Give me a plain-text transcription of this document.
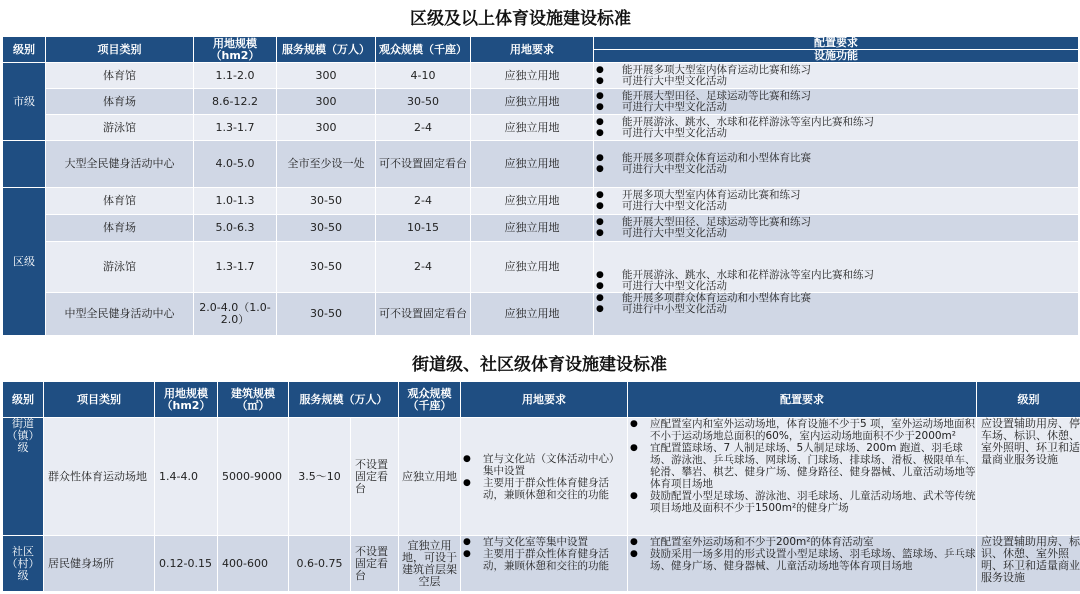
区级及以上体育设施建设标准
级别	项目类别	用地规模（hm2）	服务规模（万人）	观众规模（千座）	用地要求	配置要求
设施功能

市级	体育馆	1.1-2.0	300	4-10	应独立用地	
●能开展多项大型室内体育运动比赛和练习
● 可进行大中型文化活动

体育场	8.6-12.2	300	30-50	应独立用地	
●能开展大型田径、足球运动等比赛和练习
● 可进行大中型文化活动

游泳馆	1.3-1.7	300	2-4	应独立用地	
●能开展游泳、跳水、水球和花样游泳等室内比赛和练习
● 可进行大中型文化活动

	大型全民健身活动中心	4.0-5.0	全市至少设一处	可不设置固定看台	应独立用地	
●能开展多项群众体育运动和小型体育比赛
● 可进行大中型文化活动

区级	体育馆	1.0-1.3	30-50	2-4	应独立用地	
●开展多项大型室内体育运动比赛和练习
● 可进行大中型文化活动

体育场	5.0-6.3	30-50	10-15	应独立用地	
●能开展大型田径、足球运动等比赛和练习
● 可进行大中型文化活动

游泳馆	1.3-1.7	30-50	2-4	应独立用地	
● 能开展游泳、跳水、水球和花样游泳等室内比赛和练习
● 可进行大中型文化活动

中型全民健身活动中心	2.0-4.0（1.0-2.0）	30-50	可不设置固定看台	应独立用地	
● 能开展多项群众体育运动和小型体育比赛
● 可进行中小型文化活动
街道级、社区级体育设施建设标准
级别	项目类别	用地规模（hm2）	建筑规模（㎡）	服务规模（万人）		观众规模（千座）	用地要求	配置要求	级别
街道（镇）级	群众性体育运动场地	1.4-4.0	5000-9000	3.5～10	不设置固定看台	应独立用地	
● 宜与文化站（文体活动中心）集中设置
● 主要用于群众性体育健身活动，兼顾休憩和交往的功能

● 应配置室内和室外运动场地，体育设施不少于5 项，室外运动场地面积不小于运动场地总面积的60%，室内运动场地面积不少于2000m²
● 宜配置篮球场、7 人制足球场、5人制足球场、200m 跑道、羽毛球场、游泳池、乒乓球场、网球场、门球场、排球场、滑板、极限单车、轮滑、攀岩、棋艺、健身广场、健身路径、健身器械、儿童活动场地等体育项目场地
● 鼓励配置小型足球场、游泳池、羽毛球场、儿童活动场地、武术等传统项目场地及面积不少于1500m²的健身广场
	应设置辅助用房、停车场、标识、休憩、室外照明、环卫和适量商业服务设施
社区（村）级	居民健身场所	0.12-0.15	400-600	0.6-0.75	不设置固定看台	宜独立用地，可设于建筑首层架空层	
● 宜与文化室等集中设置
● 主要用于群众性体育健身活动，兼顾休憩和交往的功能

● 宜配置室外运动场和不少于200m²的体育活动室
● 鼓励采用一场多用的形式设置小型足球场、羽毛球场、篮球场、乒乓球场、健身广场、健身器械、儿童活动场地等体育项目场地
	应设置辅助用房、标识、休憩、室外照明、环卫和适量商业服务设施
